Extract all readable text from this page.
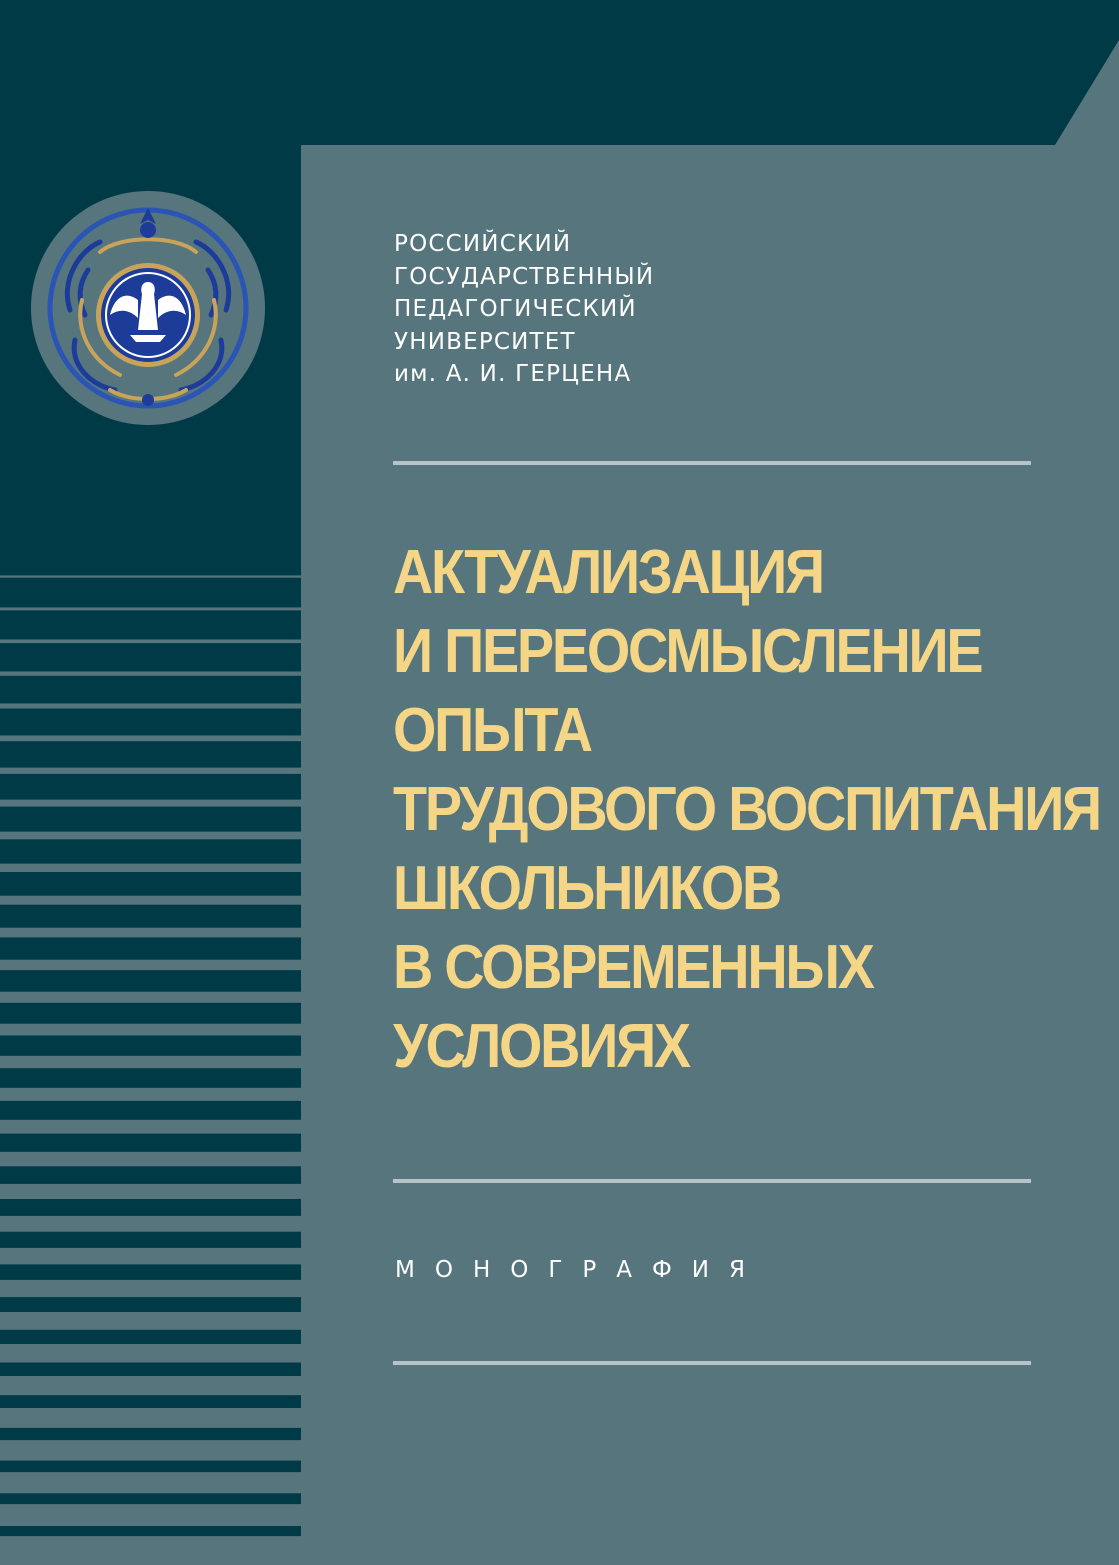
РОССИЙСКИЙ
ГОСУДАРСТВЕННЫЙ
ПЕДАГОГИЧЕСКИЙ
УНИВЕРСИТЕТ
им. А. И. ГЕРЦЕНА
АКТУАЛИЗАЦИЯ
И ПЕРЕОСМЫСЛЕНИЕ
ОПЫТА
ТРУДОВОГО ВОСПИТАНИЯ
ШКОЛЬНИКОВ
В СОВРЕМЕННЫХ
УСЛОВИЯХ
МОНОГРАФИЯ
